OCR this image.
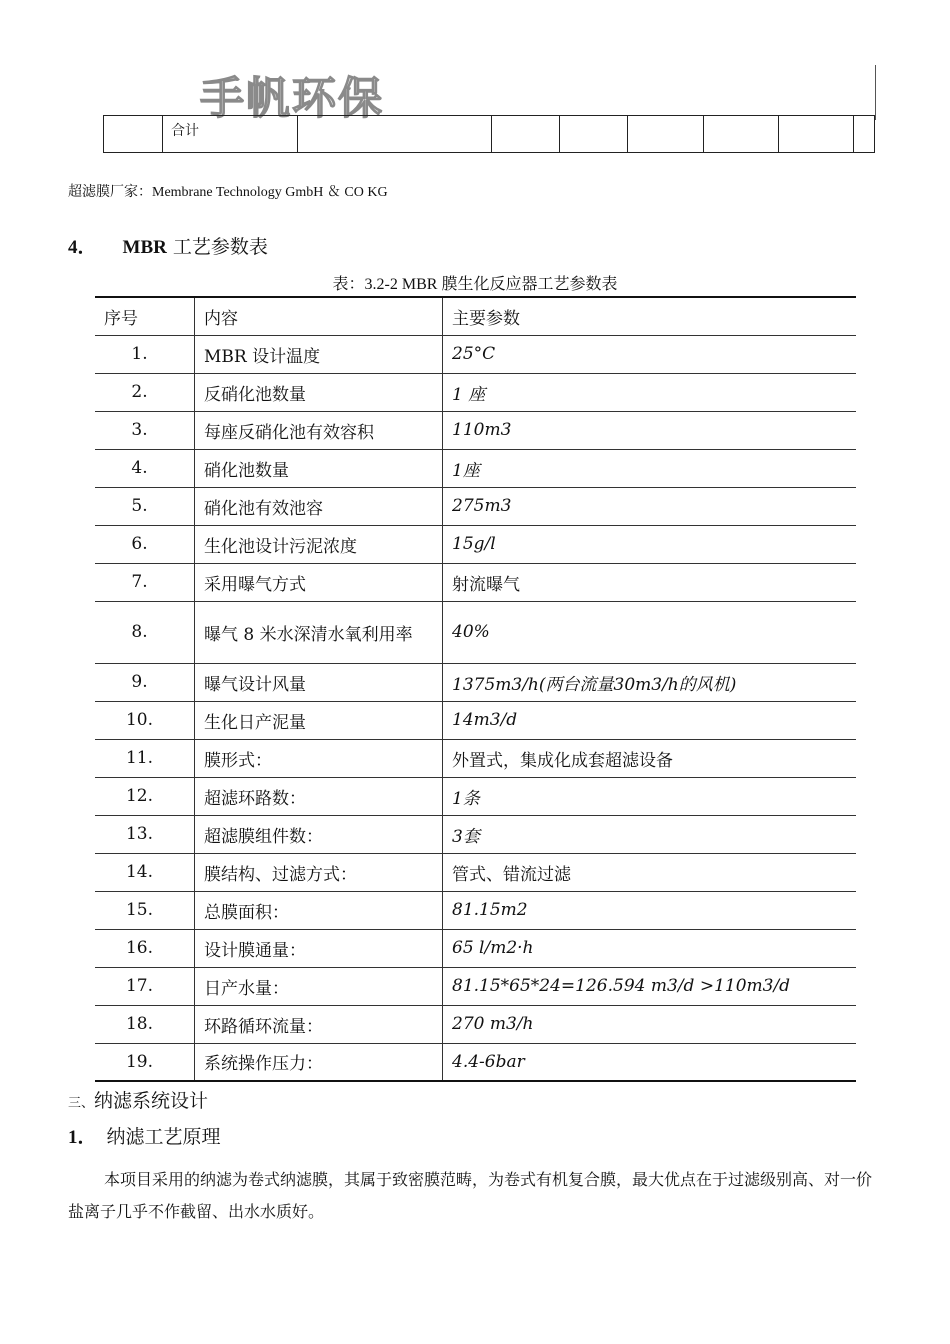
手帆环保
	合计							
超滤膜厂家：Membrane Technology GmbH ＆ CO KG
4． MBR 工艺参数表
表：3.2-2 MBR 膜生化反应器工艺参数表
序号	内容	主要参数
1.	MBR 设计温度	25°C
2.	反硝化池数量	1 座
3.	每座反硝化池有效容积	110m3
4.	硝化池数量	1座
5.	硝化池有效池容	275m3
6.	生化池设计污泥浓度	15g/l
7.	采用曝气方式	射流曝气
8.	曝气 8 米水深清水氧利用率	40%
9.	曝气设计风量	1375m3/h(两台流量30m3/h的风机)
10.	生化日产泥量	14m3/d
11.	膜形式：	外置式，集成化成套超滤设备
12.	超滤环路数：	1条
13.	超滤膜组件数：	3套
14.	膜结构、过滤方式：	管式、错流过滤
15.	总膜面积：	81.15m2
16.	设计膜通量：	65 l/m2·h
17.	日产水量：	81.15*65*24=126.594 m3/d >110m3/d
18.	环路循环流量：	270 m3/h
19.	系统操作压力：	4.4-6bar
三、纳滤系统设计
1． 纳滤工艺原理
本项目采用的纳滤为卷式纳滤膜，其属于致密膜范畴，为卷式有机复合膜，最大优点在于过滤级别高、对一价盐离子几乎不作截留、出水水质好。
